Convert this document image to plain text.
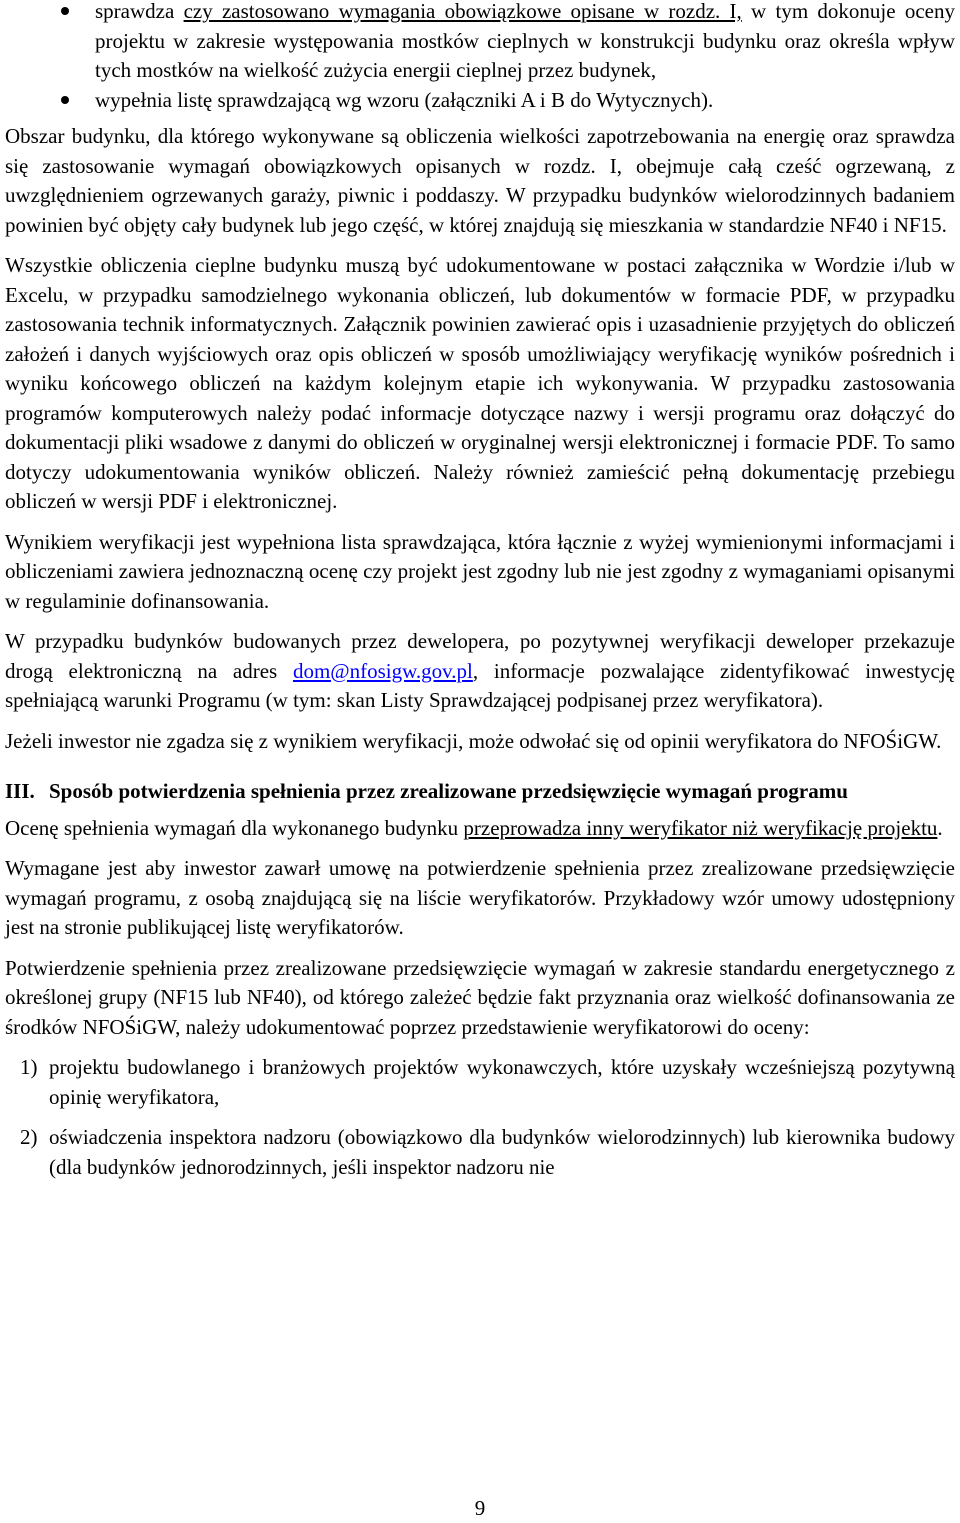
sprawdza czy zastosowano wymagania obowiązkowe opisane w rozdz. I, w tym dokonuje oceny projektu w zakresie występowania mostków cieplnych w konstrukcji budynku oraz określa wpływ tych mostków na wielkość zużycia energii cieplnej przez budynek,
wypełnia listę sprawdzającą wg wzoru (załączniki A i B do Wytycznych).

Obszar budynku, dla którego wykonywane są obliczenia wielkości zapotrzebowania na energię oraz sprawdza się zastosowanie wymagań obowiązkowych opisanych w rozdz. I, obejmuje całą cześć ogrzewaną, z uwzględnieniem ogrzewanych garaży, piwnic i poddaszy. W przypadku budynków wielorodzinnych badaniem powinien być objęty cały budynek lub jego część, w której znajdują się mieszkania w standardzie NF40 i NF15.

Wszystkie obliczenia cieplne budynku muszą być udokumentowane w postaci załącznika w Wordzie i/lub w Excelu, w przypadku samodzielnego wykonania obliczeń, lub dokumentów w formacie PDF, w przypadku zastosowania technik informatycznych. Załącznik powinien zawierać opis i uzasadnienie przyjętych do obliczeń założeń i danych wyjściowych oraz opis obliczeń w sposób umożliwiający weryfikację wyników pośrednich i wyniku końcowego obliczeń na każdym kolejnym etapie ich wykonywania. W przypadku zastosowania programów komputerowych należy podać informacje dotyczące nazwy i wersji programu oraz dołączyć do dokumentacji pliki wsadowe z danymi do obliczeń w oryginalnej wersji elektronicznej i formacie PDF. To samo dotyczy udokumentowania wyników obliczeń. Należy również zamieścić pełną dokumentację przebiegu obliczeń w wersji PDF i elektronicznej.

Wynikiem weryfikacji jest wypełniona lista sprawdzająca, która łącznie z wyżej wymienionymi informacjami i obliczeniami zawiera jednoznaczną ocenę czy projekt jest zgodny lub nie jest zgodny z wymaganiami opisanymi w regulaminie dofinansowania.

W przypadku budynków budowanych przez dewelopera, po pozytywnej weryfikacji deweloper przekazuje drogą elektroniczną na adres dom@nfosigw.gov.pl, informacje pozwalające zidentyfikować inwestycję spełniającą warunki Programu (w tym: skan Listy Sprawdzającej podpisanej przez weryfikatora).

Jeżeli inwestor nie zgadza się z wynikiem weryfikacji, może odwołać się od opinii weryfikatora do NFOŚiGW.

III. Sposób potwierdzenia spełnienia przez zrealizowane przedsięwzięcie wymagań programu

Ocenę spełnienia wymagań dla wykonanego budynku przeprowadza inny weryfikator niż weryfikację projektu.

Wymagane jest aby inwestor zawarł umowę na potwierdzenie spełnienia przez zrealizowane przedsięwzięcie wymagań programu, z osobą znajdującą się na liście weryfikatorów. Przykładowy wzór umowy udostępniony jest na stronie publikującej listę weryfikatorów.

Potwierdzenie spełnienia przez zrealizowane przedsięwzięcie wymagań w zakresie standardu energetycznego z określonej grupy (NF15 lub NF40), od którego zależeć będzie fakt przyznania oraz wielkość dofinansowania ze środków NFOŚiGW, należy udokumentować poprzez przedstawienie weryfikatorowi do oceny:

1) projektu budowlanego i branżowych projektów wykonawczych, które uzyskały wcześniejszą pozytywną opinię weryfikatora,
2) oświadczenia inspektora nadzoru (obowiązkowo dla budynków wielorodzinnych) lub kierownika budowy (dla budynków jednorodzinnych, jeśli inspektor nadzoru nie
9
